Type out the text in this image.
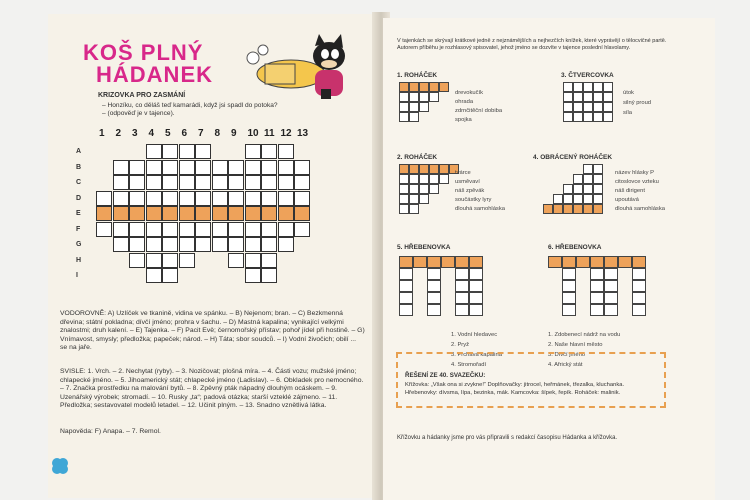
KOŠ PLNÝ
HÁDANEK
KRIZOVKA PRO ZASMÁNÍ
– Honzíku, co děláš teď kamarádi, když jsi spadl do potoka?
– (odpověď je v tajence).
VODOROVNĚ: A) Uzlíček ve tkanině, vidina ve spánku. – B) Nejenom; bran. – C) Bezkmenná dřevina; státní pokladna; dívčí jméno; prohra v šachu. – D) Mastná kapalina; vynikající velkými znalostmi; druh kalení. – E) Tajenka. – F) Pacit Evě; černomořský přístav; pohoř jídel při hostině. – G) Vnímavost, smysly; předložka; papeček; národ. – H) Táta; sbor soudců. – I) Vodní živočich; obilí ... se na jaře.
SVISLE: 1. Vrch. – 2. Nechytat (ryby). – 3. Nozičovat; plošná míra. – 4. Části vozu; mužské jméno; chlapecké jméno. – 5. Jihoamerický stát; chlapecké jméno (Ladislav). – 6. Obkladek pro nemocného. – 7. Značka prostředku na malování bytů. – 8. Zpěvný pták nápadný dlouhým ocáskem. – 9. Uzenářský výrobek; stromadí. – 10. Rusky „ta“; padová otázka; starší vzteklé zájmeno. – 11. Předložka; sestavovatel modelů letadel. – 12. Učinit plným. – 13. Snadno vznětlivá látka.
Napověda: F) Anapa. – 7. Remol.
1 2 3 4 5 6 7 8 9 10 11 12 13
A
B
C
D
E
F
G
H
I
V tajenkách se skrývají krátkové jedně z nejznámějších a nejhezčích knížek, které vyprávějí o tělocvičné partě. Autorem příběhu je rozhlasový spisovatel, jehož jméno se dozvíte v tajence poslední hlavolamy.
1. ROHÁČEK	3. ČTVERCOVKA
2. ROHÁČEK	4. OBRÁCENÝ ROHÁČEK
5. HŘEBENOVKA	6. HŘEBENOVKA
1. Vodní hledavec
2. Pryž
3. Prchavá kapalina
4. Stromořadí
1. Zdobenecí nádrž na vodu
2. Naše hlavní město
3. Dívčí jméno
4. Africký stát
ŘEŠENÍ ZE 40. SVAZEČKU:
Křížovka: „Však ona si zvykne!“ Doplňovačky: jitrocel, heřmánek, třezalka, kluchanka. Hřebenovky: dívsma, lípa, bezinka, mák. Kamcovka: šípek, řepík. Roháček: malinik.
Křížovku a hádanky jsme pro vás připravili s redakcí časopisu Hádanka a křížovka.
drevokučík
ohrada
zdrnčitěční dobiba
spojka
útok
silný proud
síla
tvárce
usměvaví
náš zpěvák
součástky lyry
dlouhá samohláska
název hlásky P
citoslovce vzteku
náš dirigent
upoutává
dlouhá samohláska
